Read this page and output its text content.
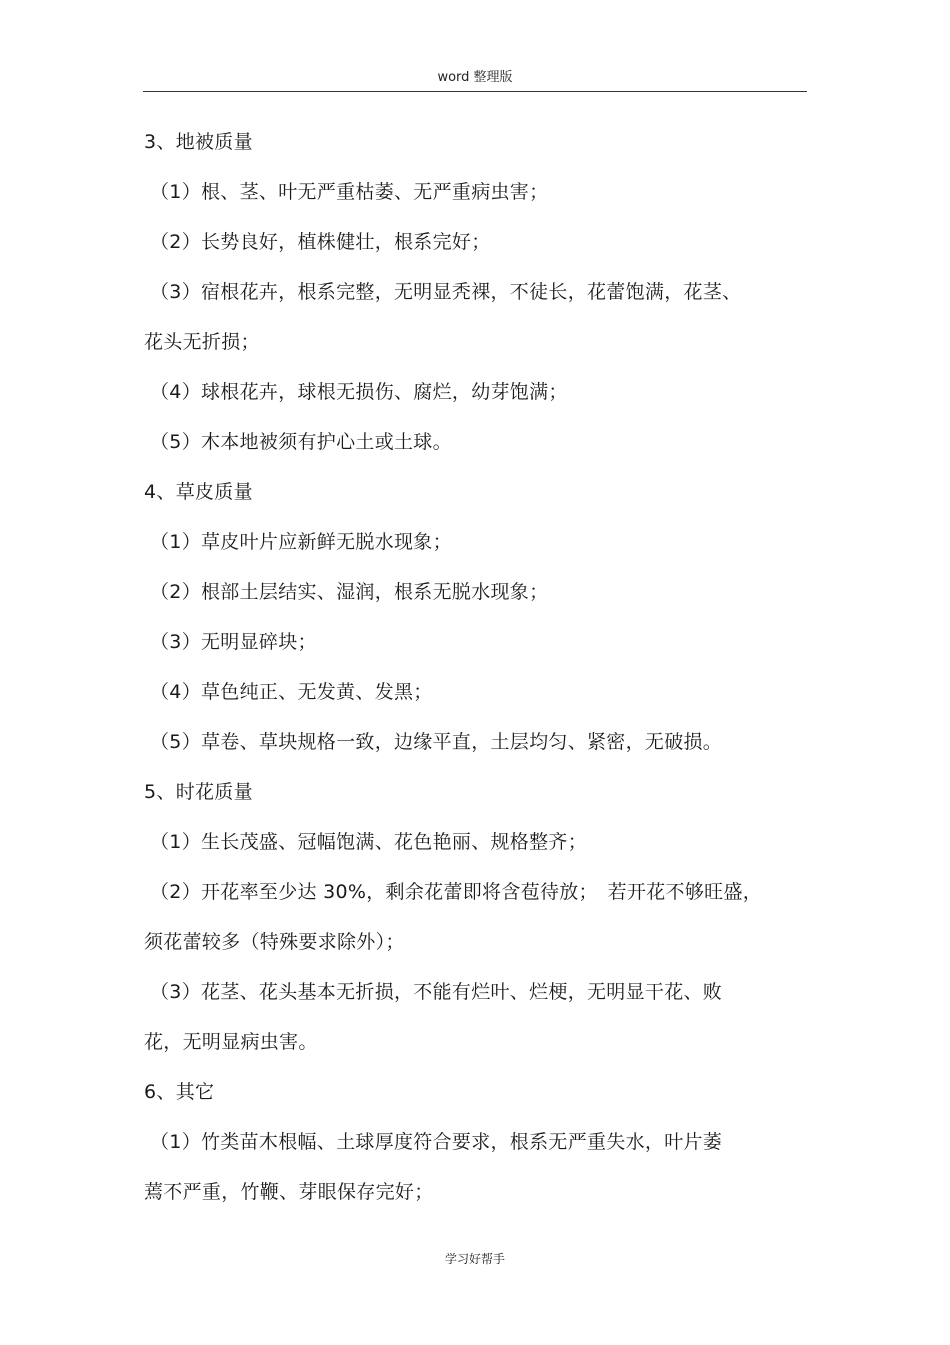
word 整理版
3、地被质量
（1）根、茎、叶无严重枯萎、无严重病虫害；
（2）长势良好，植株健壮，根系完好；
（3）宿根花卉，根系完整，无明显秃裸，不徒长，花蕾饱满，花茎、
花头无折损；
（4）球根花卉，球根无损伤、腐烂，幼芽饱满；
（5）木本地被须有护心土或土球。
4、草皮质量
（1）草皮叶片应新鲜无脱水现象；
（2）根部土层结实、湿润，根系无脱水现象；
（3）无明显碎块；
（4）草色纯正、无发黄、发黑；
（5）草卷、草块规格一致，边缘平直，土层均匀、紧密，无破损。
5、时花质量
（1）生长茂盛、冠幅饱满、花色艳丽、规格整齐；
（2）开花率至少达 30%，剩余花蕾即将含苞待放；　若开花不够旺盛，
须花蕾较多（特殊要求除外）；
（3）花茎、花头基本无折损，不能有烂叶、烂梗，无明显干花、败
花，无明显病虫害。
6、其它
（1）竹类苗木根幅、土球厚度符合要求，根系无严重失水，叶片萎
蔫不严重，竹鞭、芽眼保存完好；
学习好帮手
